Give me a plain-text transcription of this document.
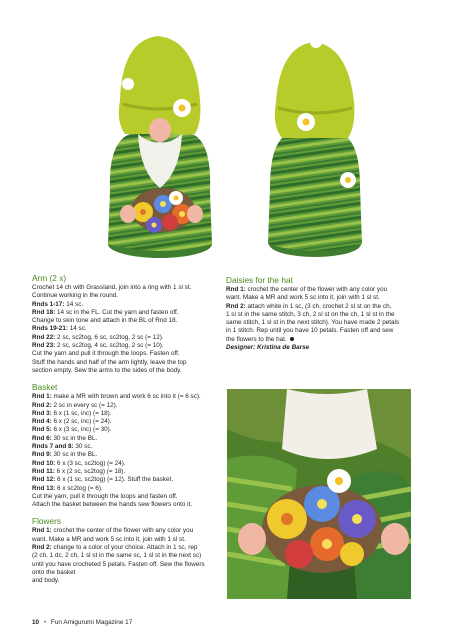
Arm (2 x)
Crochet 14 ch with Grassland, join into a ring with 1 sl st.
Continue working in the round.
Rnds 1-17: 14 sc.
Rnd 18: 14 sc in the FL. Cut the yarn and fasten off.
Change to skin tone and attach in the BL of Rnd 18.
Rnds 19-21: 14 sc.
Rnd 22: 2 sc, sc2tog, 6 sc, sc2tog, 2 sc (= 12).
Rnd 23: 2 sc, sc2tog, 4 sc, sc2tog, 2 sc (= 10).
Cut the yarn and pull it through the loops. Fasten off.
Stuff the hands and half of the arm lightly, leave the top
section empty. Sew the arms to the sides of the body.
Basket
Rnd 1: make a MR with brown and work 6 sc into it (= 6 sc).
Rnd 2: 2 sc in every sc (= 12).
Rnd 3: 6 x (1 sc, inc) (= 18).
Rnd 4: 6 x (2 sc, inc) (= 24).
Rnd 5: 6 x (3 sc, inc) (= 30).
Rnd 6: 30 sc in the BL.
Rnds 7 and 8: 30 sc.
Rnd 9: 30 sc in the BL.
Rnd 10: 6 x (3 sc, sc2tog) (= 24).
Rnd 11: 6 x (2 sc, sc2tog) (= 18).
Rnd 12: 6 x (1 sc, sc2tog) (= 12). Stuff the basket.
Rnd 13: 6 x sc2tog (= 6).
Cut the yarn, pull it through the loops and fasten off.
Attach the basket between the hands sew flowers onto it.
Flowers
Rnd 1: crochet the center of the flower with any color you
want. Make a MR and work 5 sc into it, join with 1 sl st.
Rnd 2: change to a color of your choice. Attach in 1 sc, rep
(2 ch, 1 dc, 2 ch, 1 sl st in the same sc, 1 sl st in the next sc)
until you have crocheted 5 petals. Fasten off. Sew the flowers
onto the basket
and body.
Daisies for the hat
Rnd 1: crochet the center of the flower with any color you
want. Make a MR and work 5 sc into it, join with 1 sl st.
Rnd 2: attach white in 1 sc, (3 ch, crochet 2 sl st on the ch,
1 sl st in the same stitch, 3 ch, 2 sl st on the ch, 1 sl st in the
same stitch, 1 sl st in the next stitch). You have made 2 petals
in 1 stitch. Rep until you have 10 petals. Fasten off and sew
the flowers to the hat.
Designer: Kristina de Barse
10 • Fun Amigurumi Magazine 17
